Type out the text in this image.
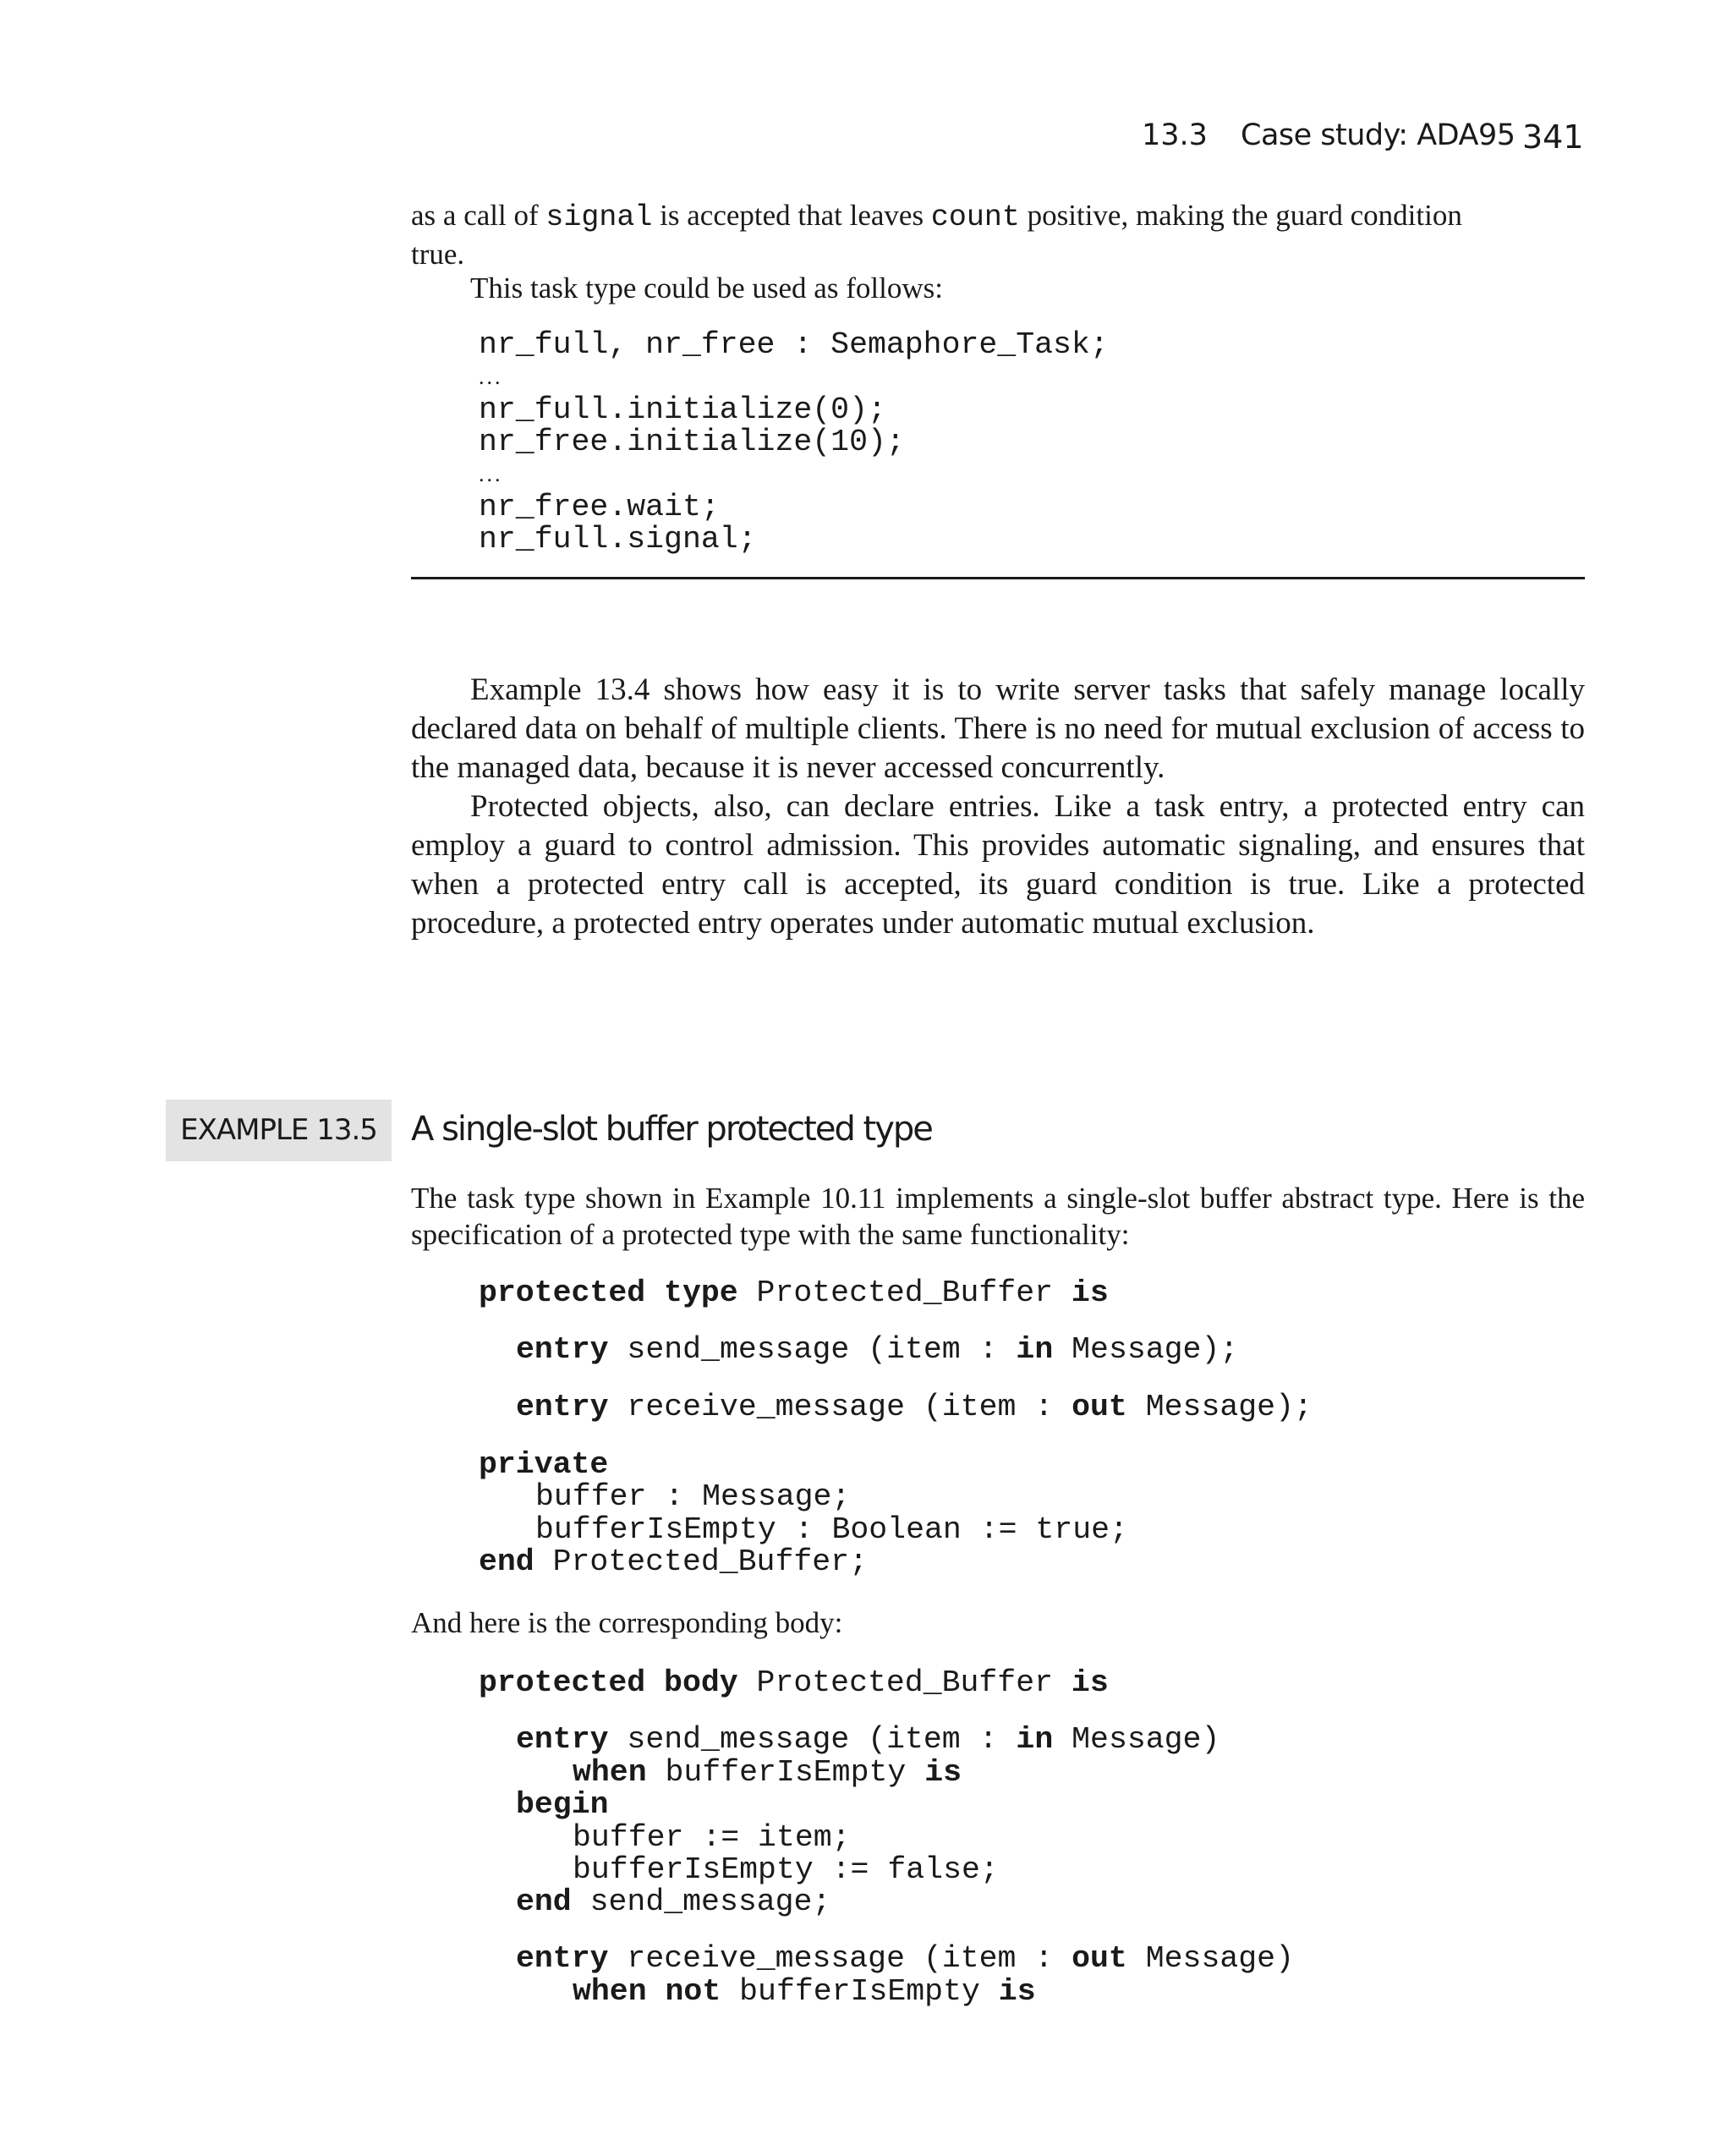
13.3 Case study: ADA95 341

as a call of signal is accepted that leaves count positive, making the guard condition
true.

This task type could be used as follows:

nr_full, nr_free : Semaphore_Task;

...

nr_full.initialize(0);

nr_free.initialize(10);

...

nr_free.wait;

nr_full.signal;

Example 13.4 shows how easy it is to write server tasks that safely manage locally declared data on behalf of multiple clients. There is no need for mutual exclusion of access to the managed data, because it is never accessed concurrently.

Protected objects, also, can declare entries. Like a task entry, a protected entry can employ a guard to control admission. This provides automatic signaling, and ensures that when a protected entry call is accepted, its guard condition is true. Like a protected procedure, a protected entry operates under automatic mutual exclusion.

EXAMPLE 13.5	A single-slot buffer protected type

The task type shown in Example 10.11 implements a single-slot buffer abstract type. Here is the specification of a protected type with the same functionality:

protected type Protected_Buffer is

entry send_message (item : in Message);

entry receive_message (item : out Message);

private

buffer : Message;

bufferIsEmpty : Boolean := true;

end Protected_Buffer;

And here is the corresponding body:

protected body Protected_Buffer is

entry send_message (item : in Message)

when bufferIsEmpty is

begin

buffer := item;

bufferIsEmpty := false;

end send_message;

entry receive_message (item : out Message)

when not bufferIsEmpty is
